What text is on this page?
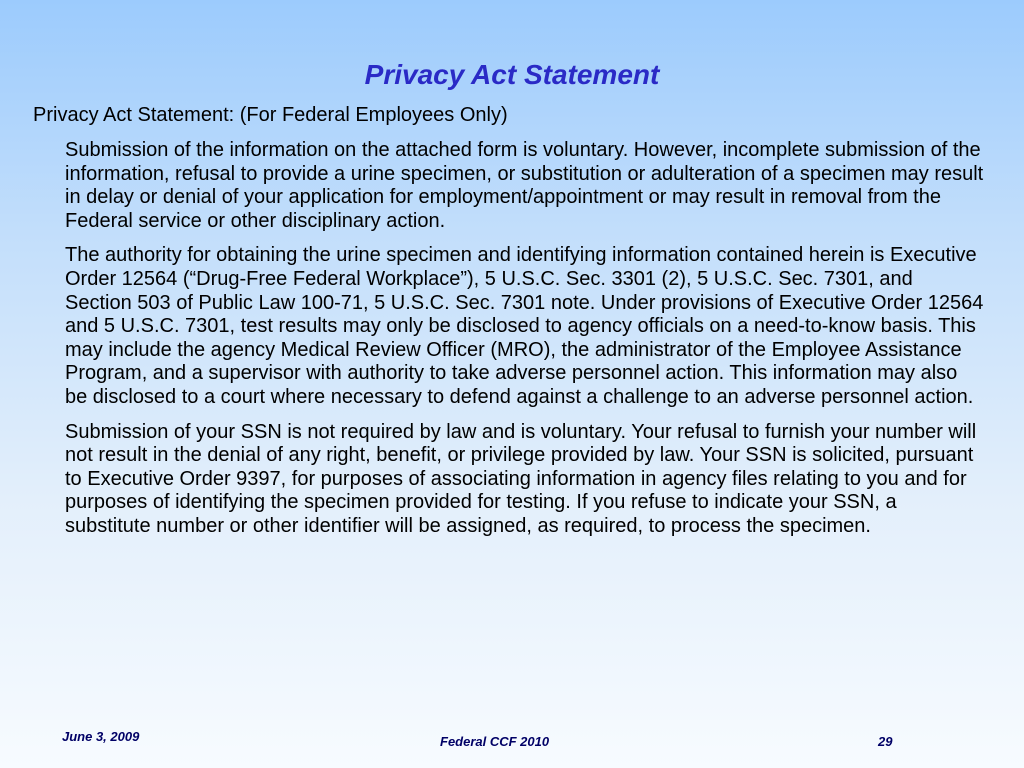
Privacy Act Statement

Privacy Act Statement: (For Federal Employees Only)

Submission of the information on the attached form is voluntary. However, incomplete submission of the information, refusal to provide a urine specimen, or substitution or adulteration of a specimen may result in delay or denial of your application for employment/appointment or may result in removal from the Federal service or other disciplinary action.

The authority for obtaining the urine specimen and identifying information contained herein is Executive Order 12564 (“Drug-Free Federal Workplace”), 5 U.S.C. Sec. 3301 (2), 5 U.S.C. Sec. 7301, and Section 503 of Public Law 100-71, 5 U.S.C. Sec. 7301 note. Under provisions of Executive Order 12564 and 5 U.S.C. 7301, test results may only be disclosed to agency officials on a need-to-know basis. This may include the agency Medical Review Officer (MRO), the administrator of the Employee Assistance Program, and a supervisor with authority to take adverse personnel action. This information may also be disclosed to a court where necessary to defend against a challenge to an adverse personnel action.

Submission of your SSN is not required by law and is voluntary. Your refusal to furnish your number will not result in the denial of any right, benefit, or privilege provided by law. Your SSN is solicited, pursuant to Executive Order 9397, for purposes of associating information in agency files relating to you and for purposes of identifying the specimen provided for testing. If you refuse to indicate your SSN, a substitute number or other identifier will be assigned, as required, to process the specimen.

June 3, 2009	Federal CCF 2010	29
